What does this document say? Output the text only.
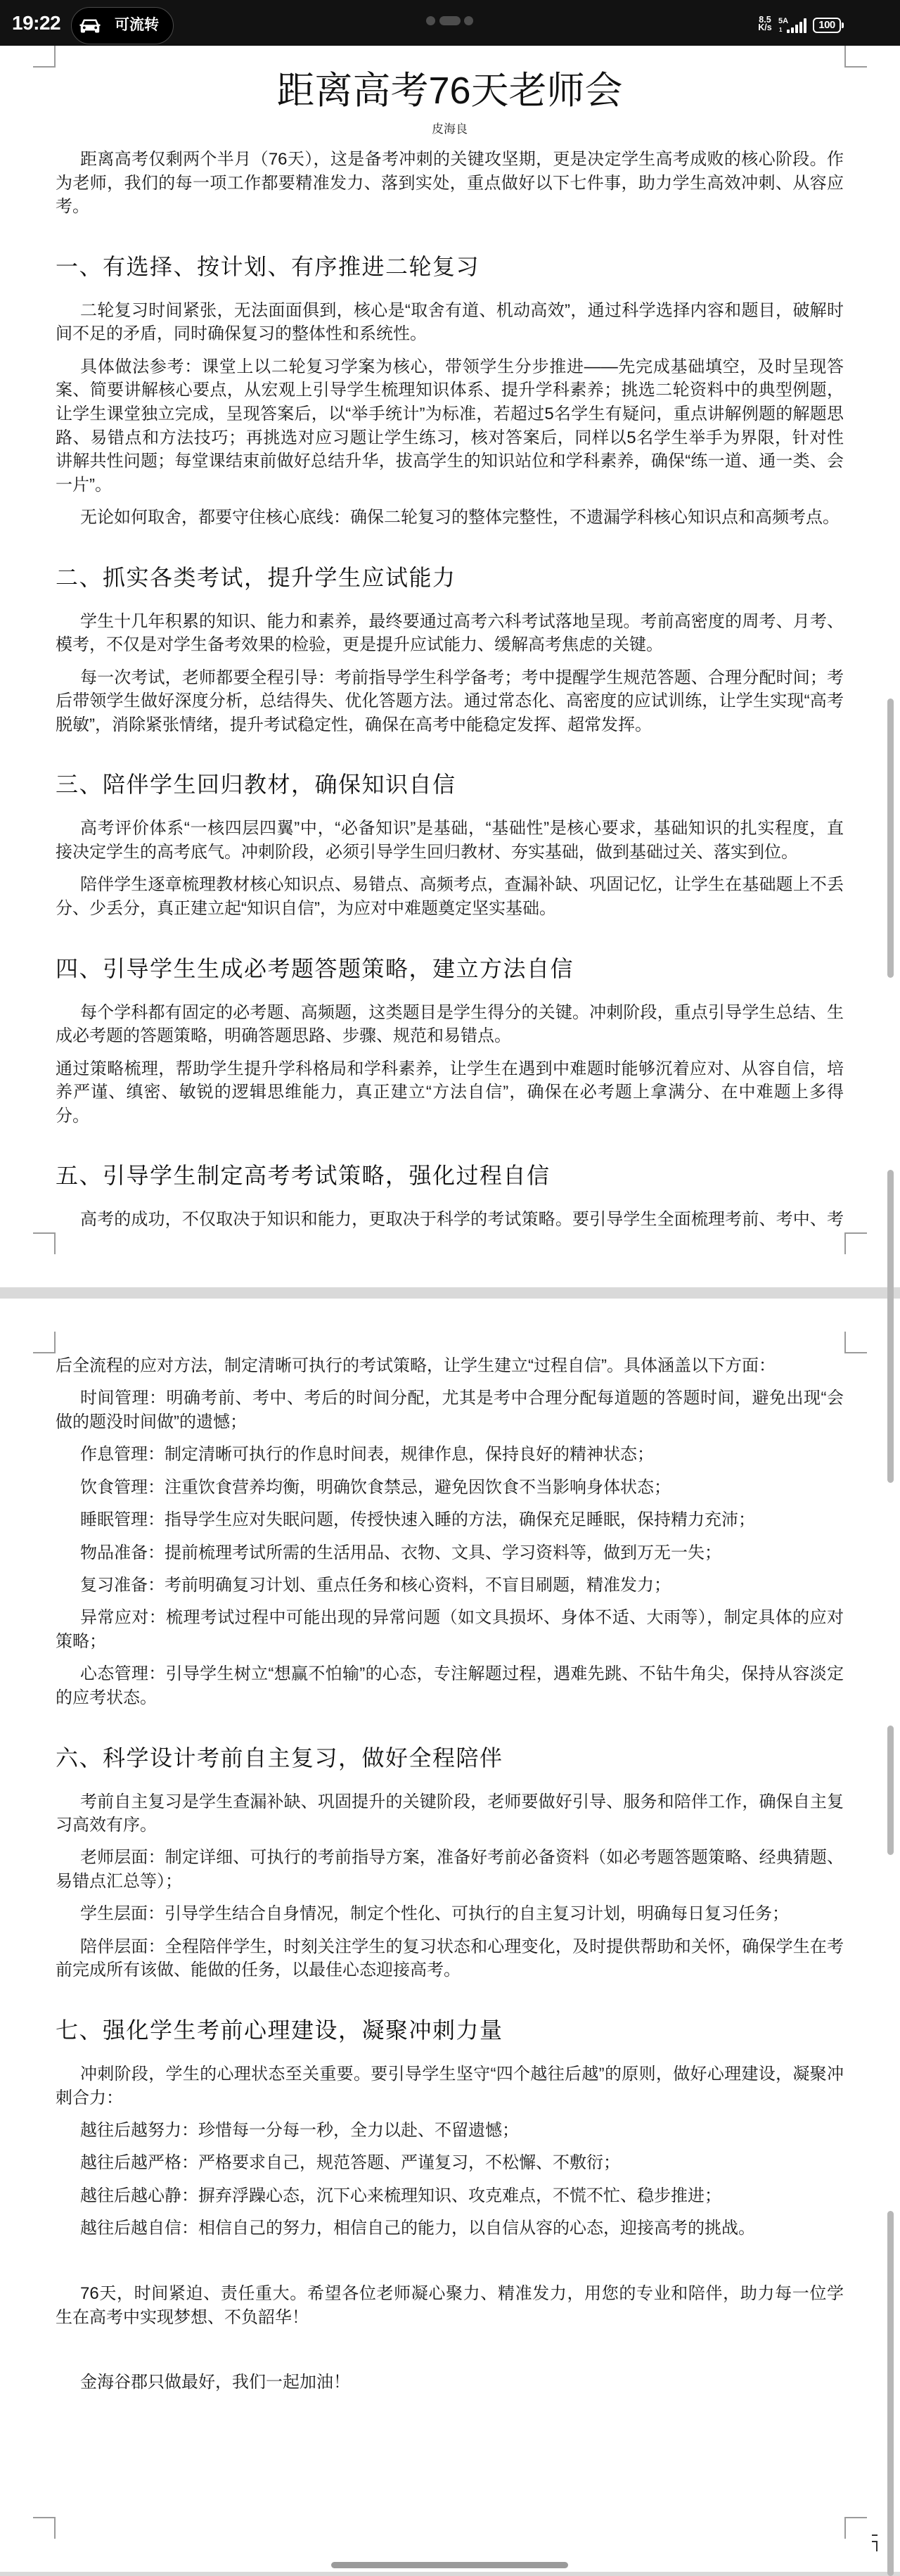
19:22	可流转	8.5
K/s
5A
1	100
距离高考76天老师会
皮海良
距离高考仅剩两个半月（76天），这是备考冲刺的关键攻坚期，更是决定学生高考成败的核心阶段。作
为老师，我们的每一项工作都要精准发力、落到实处，重点做好以下七件事，助力学生高效冲刺、从容应
考。
一、有选择、按计划、有序推进二轮复习
二轮复习时间紧张，无法面面俱到，核心是“取舍有道、机动高效”，通过科学选择内容和题目，破解时
间不足的矛盾，同时确保复习的整体性和系统性。
具体做法参考：课堂上以二轮复习学案为核心，带领学生分步推进——先完成基础填空，及时呈现答
案、简要讲解核心要点，从宏观上引导学生梳理知识体系、提升学科素养；挑选二轮资料中的典型例题，
让学生课堂独立完成，呈现答案后，以“举手统计”为标准，若超过5名学生有疑问，重点讲解例题的解题思
路、易错点和方法技巧；再挑选对应习题让学生练习，核对答案后，同样以5名学生举手为界限，针对性
讲解共性问题；每堂课结束前做好总结升华，拔高学生的知识站位和学科素养，确保“练一道、通一类、会
一片”。
无论如何取舍，都要守住核心底线：确保二轮复习的整体完整性，不遗漏学科核心知识点和高频考点。
二、抓实各类考试，提升学生应试能力
学生十几年积累的知识、能力和素养，最终要通过高考六科考试落地呈现。考前高密度的周考、月考、
模考，不仅是对学生备考效果的检验，更是提升应试能力、缓解高考焦虑的关键。
每一次考试，老师都要全程引导：考前指导学生科学备考；考中提醒学生规范答题、合理分配时间；考
后带领学生做好深度分析，总结得失、优化答题方法。通过常态化、高密度的应试训练，让学生实现“高考
脱敏”，消除紧张情绪，提升考试稳定性，确保在高考中能稳定发挥、超常发挥。
三、陪伴学生回归教材，确保知识自信
高考评价体系“一核四层四翼”中，“必备知识”是基础，“基础性”是核心要求，基础知识的扎实程度，直
接决定学生的高考底气。冲刺阶段，必须引导学生回归教材、夯实基础，做到基础过关、落实到位。
陪伴学生逐章梳理教材核心知识点、易错点、高频考点，查漏补缺、巩固记忆，让学生在基础题上不丢
分、少丢分，真正建立起“知识自信”，为应对中难题奠定坚实基础。
四、引导学生生成必考题答题策略，建立方法自信
每个学科都有固定的必考题、高频题，这类题目是学生得分的关键。冲刺阶段，重点引导学生总结、生
成必考题的答题策略，明确答题思路、步骤、规范和易错点。
通过策略梳理，帮助学生提升学科格局和学科素养，让学生在遇到中难题时能够沉着应对、从容自信，培
养严谨、缜密、敏锐的逻辑思维能力，真正建立“方法自信”，确保在必考题上拿满分、在中难题上多得
分。
五、引导学生制定高考考试策略，强化过程自信
高考的成功，不仅取决于知识和能力，更取决于科学的考试策略。要引导学生全面梳理考前、考中、考
后全流程的应对方法，制定清晰可执行的考试策略，让学生建立“过程自信”。具体涵盖以下方面：
时间管理：明确考前、考中、考后的时间分配，尤其是考中合理分配每道题的答题时间，避免出现“会
做的题没时间做”的遗憾；
作息管理：制定清晰可执行的作息时间表，规律作息，保持良好的精神状态；
饮食管理：注重饮食营养均衡，明确饮食禁忌，避免因饮食不当影响身体状态；
睡眠管理：指导学生应对失眠问题，传授快速入睡的方法，确保充足睡眠，保持精力充沛；
物品准备：提前梳理考试所需的生活用品、衣物、文具、学习资料等，做到万无一失；
复习准备：考前明确复习计划、重点任务和核心资料，不盲目刷题，精准发力；
异常应对：梳理考试过程中可能出现的异常问题（如文具损坏、身体不适、大雨等），制定具体的应对
策略；
心态管理：引导学生树立“想赢不怕输”的心态，专注解题过程，遇难先跳、不钻牛角尖，保持从容淡定
的应考状态。
六、科学设计考前自主复习，做好全程陪伴
考前自主复习是学生查漏补缺、巩固提升的关键阶段，老师要做好引导、服务和陪伴工作，确保自主复
习高效有序。
老师层面：制定详细、可执行的考前指导方案，准备好考前必备资料（如必考题答题策略、经典猜题、
易错点汇总等）；
学生层面：引导学生结合自身情况，制定个性化、可执行的自主复习计划，明确每日复习任务；
陪伴层面：全程陪伴学生，时刻关注学生的复习状态和心理变化，及时提供帮助和关怀，确保学生在考
前完成所有该做、能做的任务，以最佳心态迎接高考。
七、强化学生考前心理建设，凝聚冲刺力量
冲刺阶段，学生的心理状态至关重要。要引导学生坚守“四个越往后越”的原则，做好心理建设，凝聚冲
刺合力：
越往后越努力：珍惜每一分每一秒，全力以赴、不留遗憾；
越往后越严格：严格要求自己，规范答题、严谨复习，不松懈、不敷衍；
越往后越心静：摒弃浮躁心态，沉下心来梳理知识、攻克难点，不慌不忙、稳步推进；
越往后越自信：相信自己的努力，相信自己的能力，以自信从容的心态，迎接高考的挑战。
76天，时间紧迫、责任重大。希望各位老师凝心聚力、精准发力，用您的专业和陪伴，助力每一位学
生在高考中实现梦想、不负韶华！
金海谷郡只做最好，我们一起加油！
